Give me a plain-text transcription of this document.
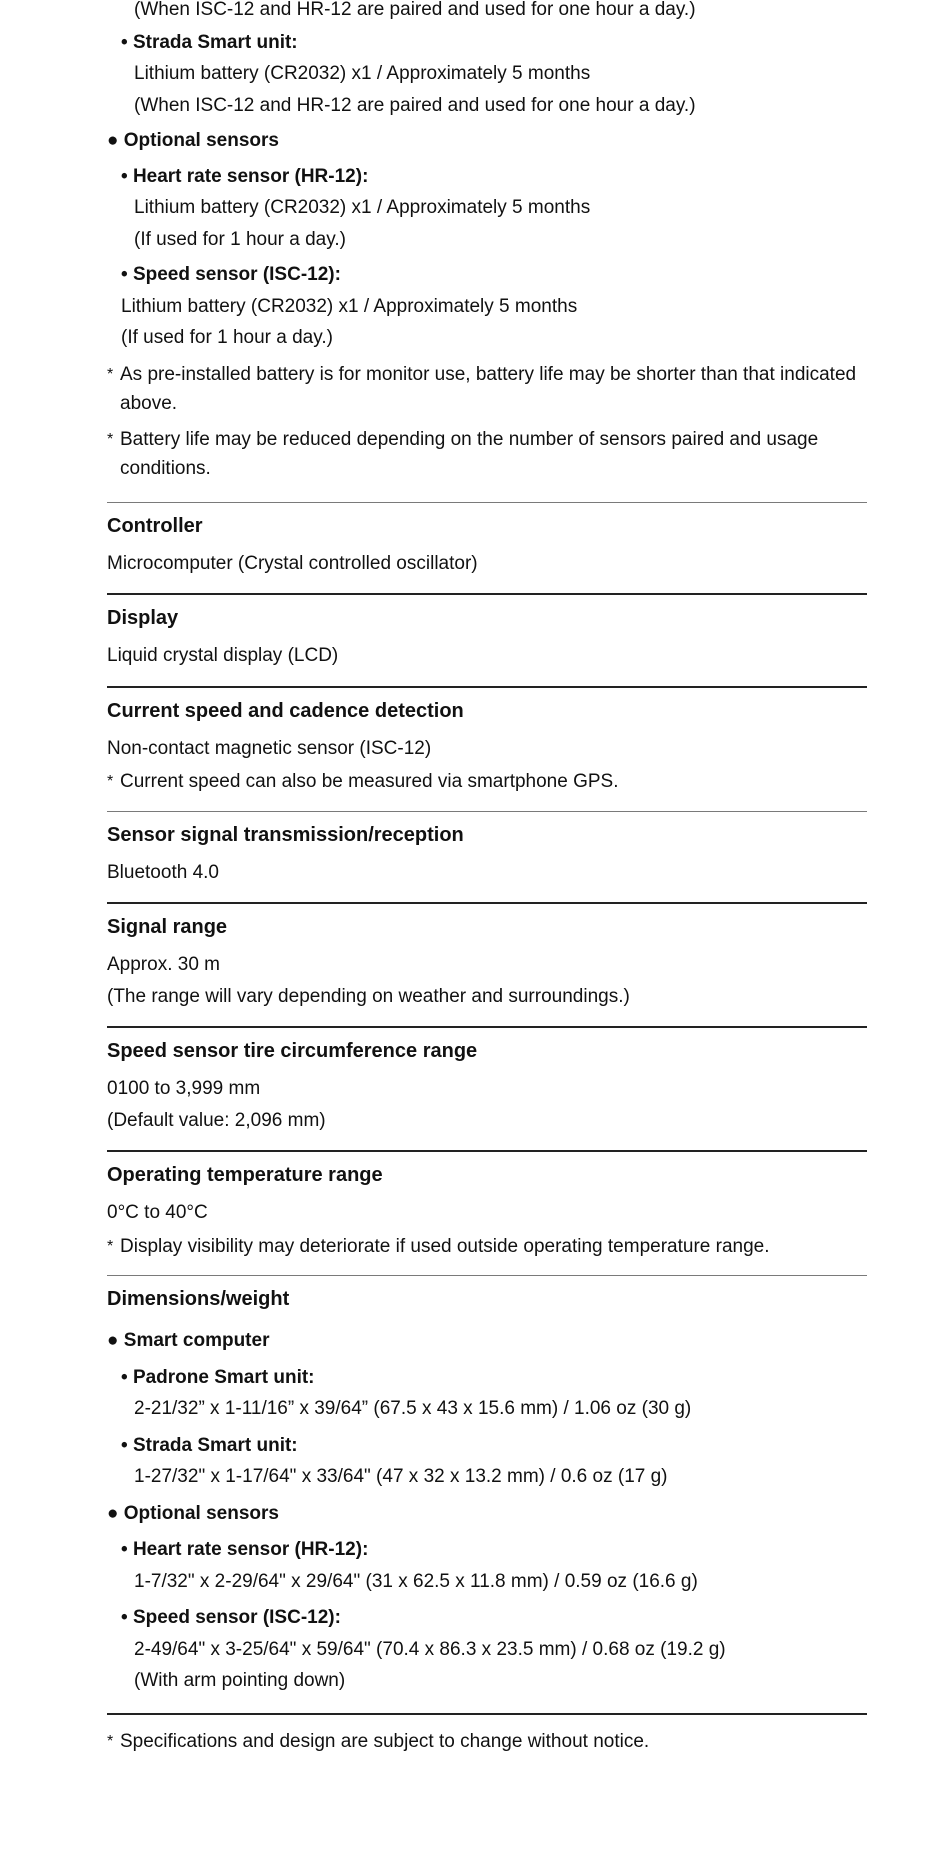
(When ISC-12 and HR-12 are paired and used for one hour a day.)
• Strada Smart unit:
Lithium battery (CR2032) x1 / Approximately 5 months
(When ISC-12 and HR-12 are paired and used for one hour a day.)
● Optional sensors
• Heart rate sensor (HR-12):
Lithium battery (CR2032) x1 / Approximately 5 months
(If used for 1 hour a day.)
• Speed sensor (ISC-12):
Lithium battery (CR2032) x1 / Approximately 5 months
(If used for 1 hour a day.)
* As pre-installed battery is for monitor use, battery life may be shorter than that indicated above.
* Battery life may be reduced depending on the number of sensors paired and usage conditions.
Controller
Microcomputer (Crystal controlled oscillator)
Display
Liquid crystal display (LCD)
Current speed and cadence detection
Non-contact magnetic sensor (ISC-12)
* Current speed can also be measured via smartphone GPS.
Sensor signal transmission/reception
Bluetooth 4.0
Signal range
Approx. 30 m
(The range will vary depending on weather and surroundings.)
Speed sensor tire circumference range
0100 to 3,999 mm
(Default value: 2,096 mm)
Operating temperature range
0°C to 40°C
* Display visibility may deteriorate if used outside operating temperature range.
Dimensions/weight
● Smart computer
• Padrone Smart unit:
2-21/32” x 1-11/16” x 39/64” (67.5 x 43 x 15.6 mm) / 1.06 oz (30 g)
• Strada Smart unit:
1-27/32" x 1-17/64" x 33/64" (47 x 32 x 13.2 mm) / 0.6 oz (17 g)
● Optional sensors
• Heart rate sensor (HR-12):
1-7/32" x 2-29/64" x 29/64" (31 x 62.5 x 11.8 mm) / 0.59 oz (16.6 g)
• Speed sensor (ISC-12):
2-49/64" x 3-25/64" x 59/64" (70.4 x 86.3 x 23.5 mm) / 0.68 oz (19.2 g)
(With arm pointing down)
* Specifications and design are subject to change without notice.
